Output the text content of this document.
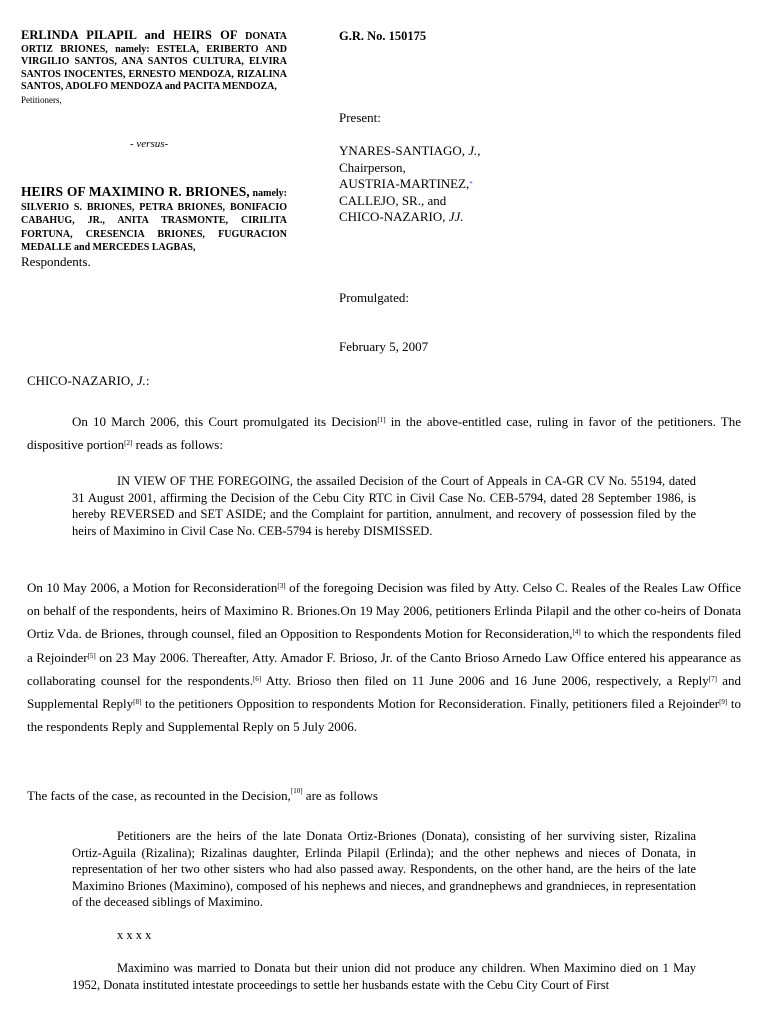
ERLINDA PILAPIL and HEIRS OF DONATA ORTIZ BRIONES, namely: ESTELA, ERIBERTO AND VIRGILIO SANTOS, ANA SANTOS CULTURA, ELVIRA SANTOS INOCENTES, ERNESTO MENDOZA, RIZALINA SANTOS, ADOLFO MENDOZA and PACITA MENDOZA,
Petitioners,
G.R. No. 150175
Present:
- versus-	YNARES-SANTIAGO, J.,
Chairperson,
AUSTRIA-MARTINEZ,*
CALLEJO, SR., and
CHICO-NAZARIO, JJ.
HEIRS OF MAXIMINO R. BRIONES, namely: SILVERIO S. BRIONES, PETRA BRIONES, BONIFACIO CABAHUG, JR., ANITA TRASMONTE, CIRILITA FORTUNA, CRESENCIA BRIONES, FUGURACION MEDALLE and MERCEDES LAGBAS,
Respondents.
Promulgated:
February 5, 2007
CHICO-NAZARIO, J.:
On 10 March 2006, this Court promulgated its Decision[1] in the above-entitled case, ruling in favor of the petitioners. The dispositive portion[2] reads as follows:
IN VIEW OF THE FOREGOING, the assailed Decision of the Court of Appeals in CA-GR CV No. 55194, dated 31 August 2001, affirming the Decision of the Cebu City RTC in Civil Case No. CEB-5794, dated 28 September 1986, is hereby REVERSED and SET ASIDE; and the Complaint for partition, annulment, and recovery of possession filed by the heirs of Maximino in Civil Case No. CEB-5794 is hereby DISMISSED.
On 10 May 2006, a Motion for Reconsideration[3] of the foregoing Decision was filed by Atty. Celso C. Reales of the Reales Law Office on behalf of the respondents, heirs of Maximino R. Briones.On 19 May 2006, petitioners Erlinda Pilapil and the other co-heirs of Donata Ortiz Vda. de Briones, through counsel, filed an Opposition to Respondents Motion for Reconsideration,[4] to which the respondents filed a Rejoinder[5] on 23 May 2006. Thereafter, Atty. Amador F. Brioso, Jr. of the Canto Brioso Arnedo Law Office entered his appearance as collaborating counsel for the respondents.[6] Atty. Brioso then filed on 11 June 2006 and 16 June 2006, respectively, a Reply[7] and Supplemental Reply[8] to the petitioners Opposition to respondents Motion for Reconsideration. Finally, petitioners filed a Rejoinder[9] to the respondents Reply and Supplemental Reply on 5 July 2006.
The facts of the case, as recounted in the Decision,[10] are as follows
Petitioners are the heirs of the late Donata Ortiz-Briones (Donata), consisting of her surviving sister, Rizalina Ortiz-Aguila (Rizalina); Rizalinas daughter, Erlinda Pilapil (Erlinda); and the other nephews and nieces of Donata, in representation of her two other sisters who had also passed away. Respondents, on the other hand, are the heirs of the late Maximino Briones (Maximino), composed of his nephews and nieces, and grandnephews and grandnieces, in representation of the deceased siblings of Maximino.
x x x x
Maximino was married to Donata but their union did not produce any children. When Maximino died on 1 May 1952, Donata instituted intestate proceedings to settle her husbands estate with the Cebu City Court of First
